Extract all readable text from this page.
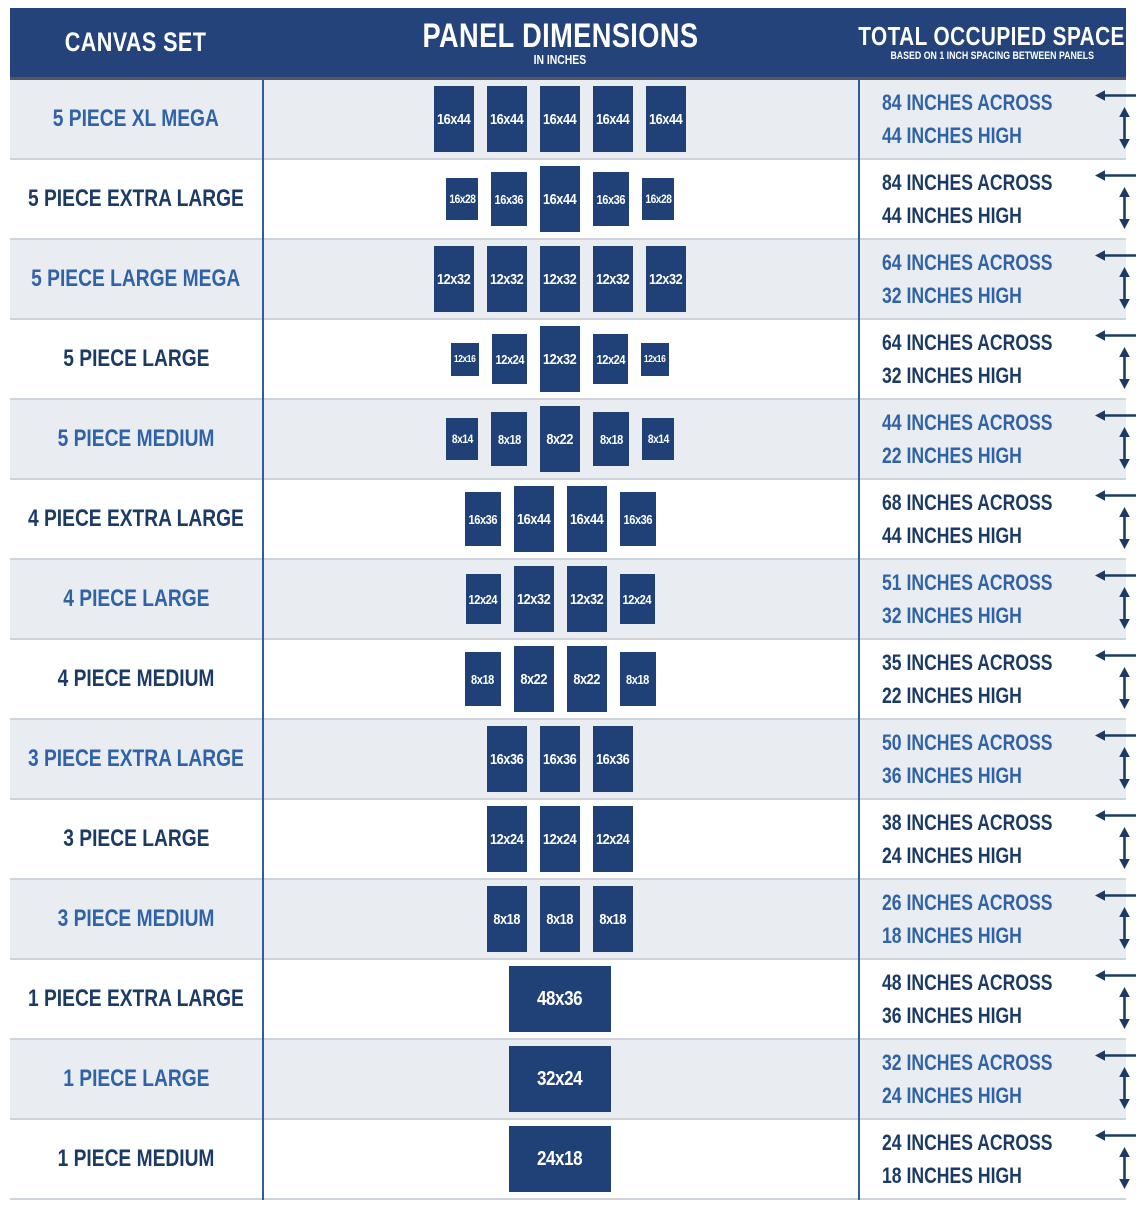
CANVAS SET	PANEL DIMENSIONS
IN INCHES
TOTAL OCCUPIED SPACE
BASED ON 1 INCH SPACING BETWEEN PANELS
5 PIECE XL MEGA	16x44 16x44 16x44 16x44 16x44
84 INCHES ACROSS
44 INCHES HIGH
5 PIECE EXTRA LARGE	16x28 16x36 16x44 16x36 16x28
84 INCHES ACROSS
44 INCHES HIGH
5 PIECE LARGE MEGA	12x32 12x32 12x32 12x32 12x32
64 INCHES ACROSS
32 INCHES HIGH
5 PIECE LARGE	12x16 12x24 12x32 12x24 12x16
64 INCHES ACROSS
32 INCHES HIGH
5 PIECE MEDIUM	8x14 8x18 8x22 8x18 8x14
44 INCHES ACROSS
22 INCHES HIGH
4 PIECE EXTRA LARGE	16x36 16x44 16x44 16x36
68 INCHES ACROSS
44 INCHES HIGH
4 PIECE LARGE	12x24 12x32 12x32 12x24
51 INCHES ACROSS
32 INCHES HIGH
4 PIECE MEDIUM	8x18 8x22 8x22 8x18
35 INCHES ACROSS
22 INCHES HIGH
3 PIECE EXTRA LARGE	16x36 16x36 16x36
50 INCHES ACROSS
36 INCHES HIGH
3 PIECE LARGE	12x24 12x24 12x24
38 INCHES ACROSS
24 INCHES HIGH
3 PIECE MEDIUM	8x18 8x18 8x18
26 INCHES ACROSS
18 INCHES HIGH
1 PIECE EXTRA LARGE	48x36
48 INCHES ACROSS
36 INCHES HIGH
1 PIECE LARGE	32x24
32 INCHES ACROSS
24 INCHES HIGH
1 PIECE MEDIUM	24x18
24 INCHES ACROSS
18 INCHES HIGH
